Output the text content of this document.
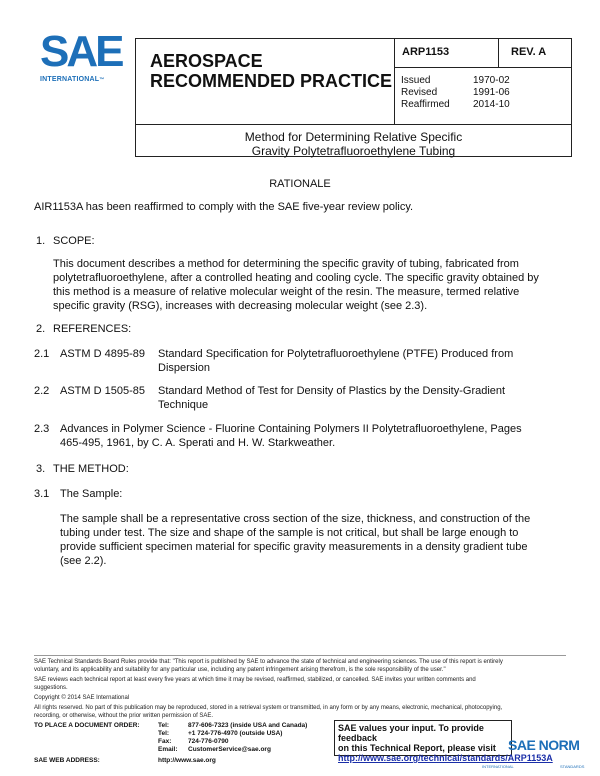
SAE
INTERNATIONAL™
AEROSPACE
RECOMMENDED PRACTICE
ARP1153	REV. A
Issued	1970-02
Revised	1991-06
Reaffirmed	2014-10
Method for Determining Relative Specific
Gravity Polytetrafluoroethylene Tubing
RATIONALE
AIR1153A has been reaffirmed to comply with the SAE five-year review policy.
1. SCOPE:
This document describes a method for determining the specific gravity of tubing, fabricated from
polytetrafluoroethylene, after a controlled heating and cooling cycle. The specific gravity obtained by
this method is a measure of relative molecular weight of the resin. The measure, termed relative
specific gravity (RSG), increases with decreasing molecular weight (see 2.3).
2. REFERENCES:
2.1 ASTM D 4895-89 Standard Specification for Polytetrafluoroethylene (PTFE) Produced from
Dispersion
2.2 ASTM D 1505-85 Standard Method of Test for Density of Plastics by the Density-Gradient
Technique
2.3 Advances in Polymer Science - Fluorine Containing Polymers II Polytetrafluoroethylene, Pages
465-495, 1961, by C. A. Sperati and H. W. Starkweather.
3. THE METHOD:
3.1 The Sample:
The sample shall be a representative cross section of the size, thickness, and construction of the
tubing under test. The size and shape of the sample is not critical, but shall be large enough to
provide sufficient specimen material for specific gravity measurements in a density gradient tube
(see 2.2).
SAE Technical Standards Board Rules provide that: "This report is published by SAE to advance the state of technical and engineering sciences. The use of this report is entirely
voluntary, and its applicability and suitability for any particular use, including any patent infringement arising therefrom, is the sole responsibility of the user."
SAE reviews each technical report at least every five years at which time it may be revised, reaffirmed, stabilized, or cancelled. SAE invites your written comments and
suggestions.
Copyright © 2014 SAE International
All rights reserved. No part of this publication may be reproduced, stored in a retrieval system or transmitted, in any form or by any means, electronic, mechanical, photocopying,
recording, or otherwise, without the prior written permission of SAE.
TO PLACE A DOCUMENT ORDER:	Tel:	877-606-7323 (inside USA and Canada)
Tel:	+1 724-776-4970 (outside USA)
Fax:	724-776-0790
Email:	CustomerService@sae.org
SAE WEB ADDRESS:	http://www.sae.org
SAE values your input. To provide feedback
on this Technical Report, please visit
http://www.sae.org/technical/standards/ARP1153A
SAE NORM
INTERNATIONAL	STANDARDS
